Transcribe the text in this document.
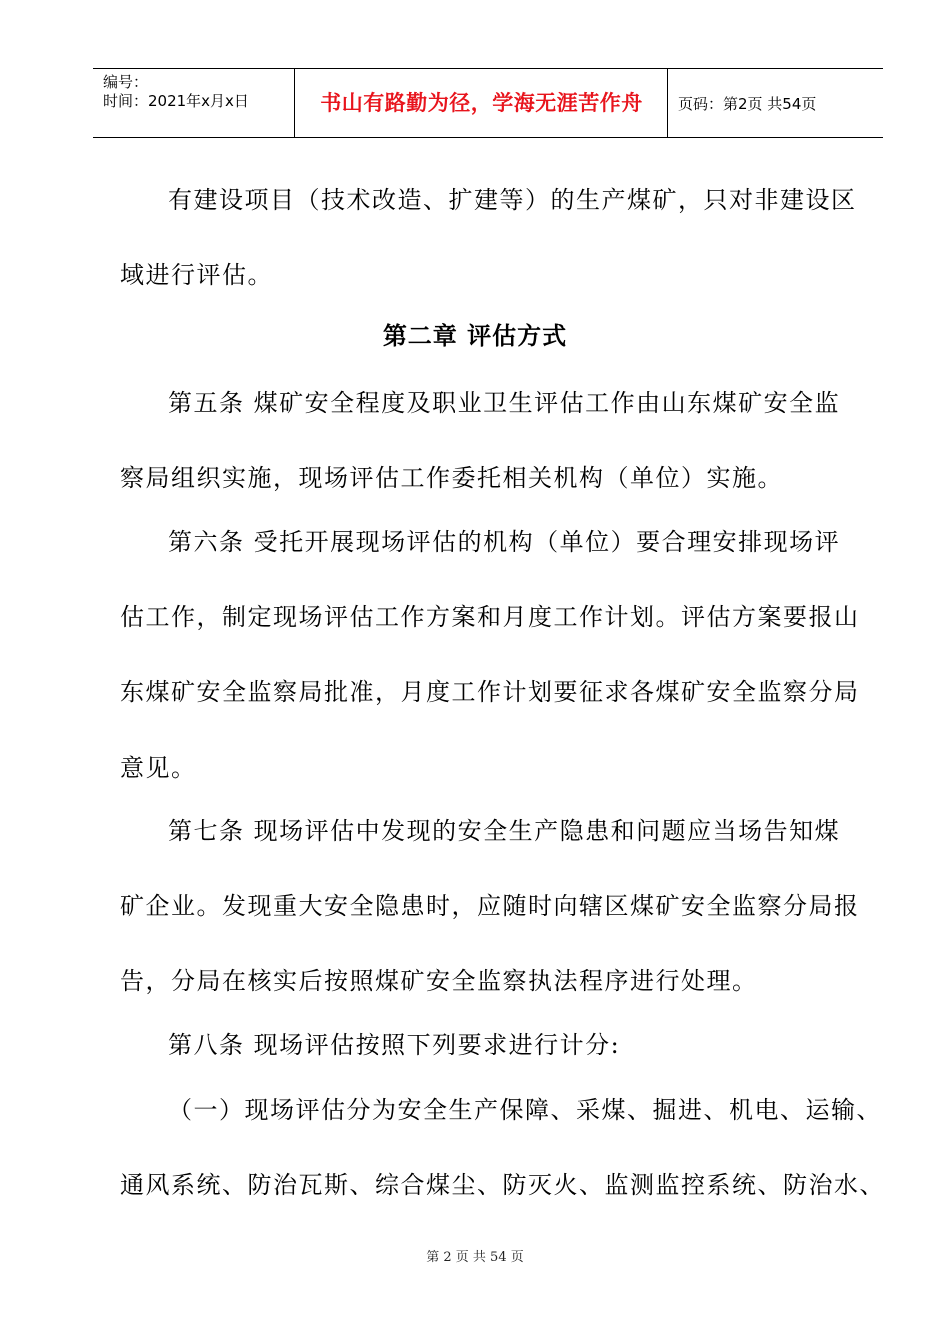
编号：
时间：2021年x月x日	书山有路勤为径，学海无涯苦作舟	页码：第2页 共54页
有建设项目（技术改造、扩建等）的生产煤矿，只对非建设区
域进行评估。
第二章 评估方式
第五条 煤矿安全程度及职业卫生评估工作由山东煤矿安全监
察局组织实施，现场评估工作委托相关机构（单位）实施。
第六条 受托开展现场评估的机构（单位）要合理安排现场评
估工作，制定现场评估工作方案和月度工作计划。评估方案要报山
东煤矿安全监察局批准，月度工作计划要征求各煤矿安全监察分局
意见。
第七条 现场评估中发现的安全生产隐患和问题应当场告知煤
矿企业。发现重大安全隐患时，应随时向辖区煤矿安全监察分局报
告，分局在核实后按照煤矿安全监察执法程序进行处理。
第八条 现场评估按照下列要求进行计分:
（一）现场评估分为安全生产保障、采煤、掘进、机电、运输、
通风系统、防治瓦斯、综合煤尘、防灭火、监测监控系统、防治水、
第 2 页 共 54 页
